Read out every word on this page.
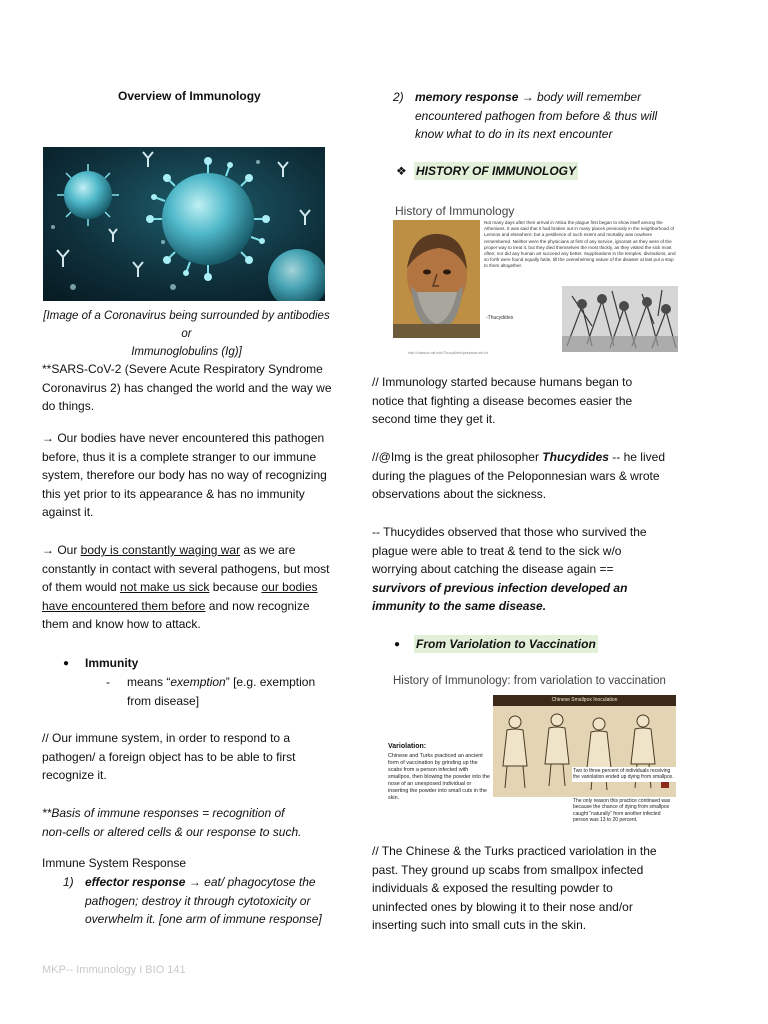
Overview of Immunology
[Image of a Coronavirus being surrounded by antibodies or
Immunoglobulins (Ig)]
**SARS-CoV-2 (Severe Acute Respiratory Syndrome
Coronavirus 2) has changed the world and the way we
do things.
→ Our bodies have never encountered this pathogen
before, thus it is a complete stranger to our immune
system, therefore our body has no way of recognizing
this yet prior to its appearance & has no immunity
against it.
→ Our body is constantly waging war as we are
constantly in contact with several pathogens, but most
of them would not make us sick because our bodies
have encountered them before and now recognize
them and know how to attack.
● Immunity
- means “exemption” [e.g. exemption
from disease]
// Our immune system, in order to respond to a
pathogen/ a foreign object has to be able to first
recognize it.
**Basis of immune responses = recognition of
non-cells or altered cells & our response to such.
Immune System Response
1) effector response → eat/ phagocytose the
pathogen; destroy it through cytotoxicity or
overwhelm it. [one arm of immune response]
2) memory response → body will remember
encountered pathogen from before & thus will
know what to do in its next encounter
❖ HISTORY OF IMMUNOLOGY
History of Immunology
Not many days after their arrival in Attica the plague first began to show itself among the Athenians. It was said that it had broken out in many places previously in the neighborhood of Lemnos and elsewhere; but a pestilence of such extent and mortality was nowhere remembered. Neither were the physicians at first of any service, ignorant as they were of the proper way to treat it, but they died themselves the most thickly, as they visited the sick most often; nor did any human art succeed any better. Supplications in the temples, divinations, and so forth were found equally futile, till the overwhelming nature of the disaster at last put a stop to them altogether.
-Thucydides
http://classics.mit.edu/Thucydides/pelopwar.mb.txt
// Immunology started because humans began to
notice that fighting a disease becomes easier the
second time they get it.
//@Img is the great philosopher Thucydides -- he lived
during the plagues of the Peloponnesian wars & wrote
observations about the sickness.
-- Thucydides observed that those who survived the
plague were able to treat & tend to the sick w/o
worrying about catching the disease again ==
survivors of previous infection developed an
immunity to the same disease.
● From Variolation to Vaccination
History of Immunology: from variolation to vaccination
Chinese Smallpox Inoculation
Variolation:
Chinese and Turks practiced an ancient form of vaccination by grinding up the scabs from a person infected with smallpox, then blowing the powder into the nose of an unexposed individual or inserting the powder into small cuts in the skin.
Two to three percent of individuals receiving the variolation ended up dying from smallpox.
The only reason this practice continued was because the chance of dying from smallpox caught "naturally" from another infected person was 13 to 20 percent.
// The Chinese & the Turks practiced variolation in the
past. They ground up scabs from smallpox infected
individuals & exposed the resulting powder to
uninfected ones by blowing it to their nose and/or
inserting such into small cuts in the skin.
MKP-- Immunology I BIO 141
